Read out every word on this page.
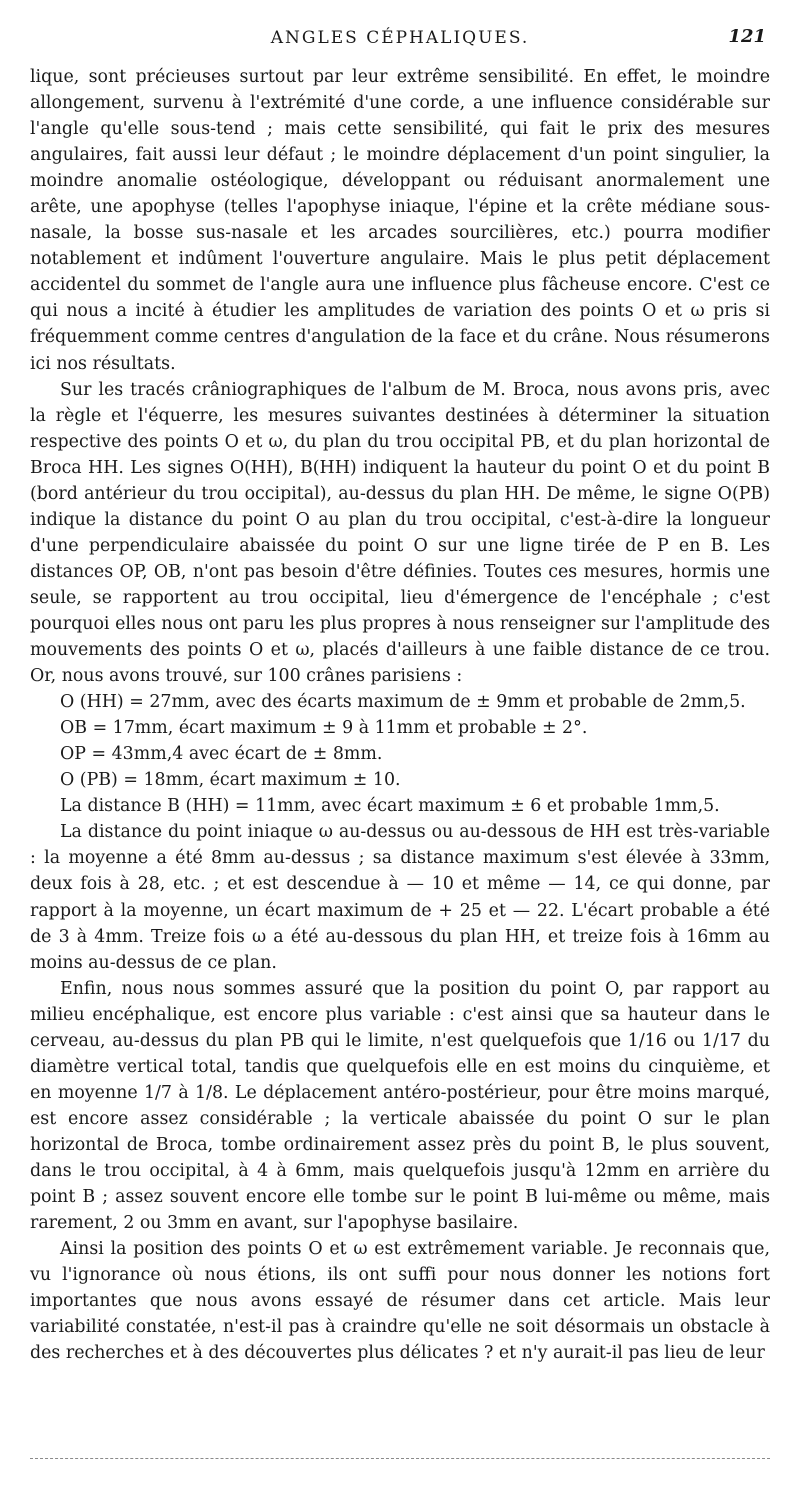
ANGLES CÉPHALIQUES.	121

lique, sont précieuses surtout par leur extrême sensibilité. En effet, le moindre allongement, survenu à l'extrémité d'une corde, a une influence considérable sur l'angle qu'elle sous-tend ; mais cette sensibilité, qui fait le prix des mesures angulaires, fait aussi leur défaut ; le moindre déplacement d'un point singulier, la moindre anomalie ostéologique, développant ou réduisant anormalement une arête, une apophyse (telles l'apophyse iniaque, l'épine et la crête médiane sous-nasale, la bosse sus-nasale et les arcades sourcilières, etc.) pourra modifier notablement et indûment l'ouverture angulaire. Mais le plus petit déplacement accidentel du sommet de l'angle aura une influence plus fâcheuse encore. C'est ce qui nous a incité à étudier les amplitudes de variation des points O et ω pris si fréquemment comme centres d'angulation de la face et du crâne. Nous résumerons ici nos résultats.

Sur les tracés crâniographiques de l'album de M. Broca, nous avons pris, avec la règle et l'équerre, les mesures suivantes destinées à déterminer la situation respective des points O et ω, du plan du trou occipital PB, et du plan horizontal de Broca HH. Les signes O(HH), B(HH) indiquent la hauteur du point O et du point B (bord antérieur du trou occipital), au-dessus du plan HH. De même, le signe O(PB) indique la distance du point O au plan du trou occipital, c'est-à-dire la longueur d'une perpendiculaire abaissée du point O sur une ligne tirée de P en B. Les distances OP, OB, n'ont pas besoin d'être définies. Toutes ces mesures, hormis une seule, se rapportent au trou occipital, lieu d'émergence de l'encéphale ; c'est pourquoi elles nous ont paru les plus propres à nous renseigner sur l'amplitude des mouvements des points O et ω, placés d'ailleurs à une faible distance de ce trou. Or, nous avons trouvé, sur 100 crânes parisiens :

O (HH) = 27mm, avec des écarts maximum de ± 9mm et probable de 2mm,5.

OB = 17mm, écart maximum ± 9 à 11mm et probable ± 2°.

OP = 43mm,4 avec écart de ± 8mm.

O (PB) = 18mm, écart maximum ± 10.

La distance B (HH) = 11mm, avec écart maximum ± 6 et probable 1mm,5.

La distance du point iniaque ω au-dessus ou au-dessous de HH est très-variable : la moyenne a été 8mm au-dessus ; sa distance maximum s'est élevée à 33mm, deux fois à 28, etc. ; et est descendue à — 10 et même — 14, ce qui donne, par rapport à la moyenne, un écart maximum de + 25 et — 22. L'écart probable a été de 3 à 4mm. Treize fois ω a été au-dessous du plan HH, et treize fois à 16mm au moins au-dessus de ce plan.

Enfin, nous nous sommes assuré que la position du point O, par rapport au milieu encéphalique, est encore plus variable : c'est ainsi que sa hauteur dans le cerveau, au-dessus du plan PB qui le limite, n'est quelquefois que 1/16 ou 1/17 du diamètre vertical total, tandis que quelquefois elle en est moins du cinquième, et en moyenne 1/7 à 1/8. Le déplacement antéro-postérieur, pour être moins marqué, est encore assez considérable ; la verticale abaissée du point O sur le plan horizontal de Broca, tombe ordinairement assez près du point B, le plus souvent, dans le trou occipital, à 4 à 6mm, mais quelquefois jusqu'à 12mm en arrière du point B ; assez souvent encore elle tombe sur le point B lui-même ou même, mais rarement, 2 ou 3mm en avant, sur l'apophyse basilaire.

Ainsi la position des points O et ω est extrêmement variable. Je reconnais que, vu l'ignorance où nous étions, ils ont suffi pour nous donner les notions fort importantes que nous avons essayé de résumer dans cet article. Mais leur variabilité constatée, n'est-il pas à craindre qu'elle ne soit désormais un obstacle à des recherches et à des découvertes plus délicates ? et n'y aurait-il pas lieu de leur
